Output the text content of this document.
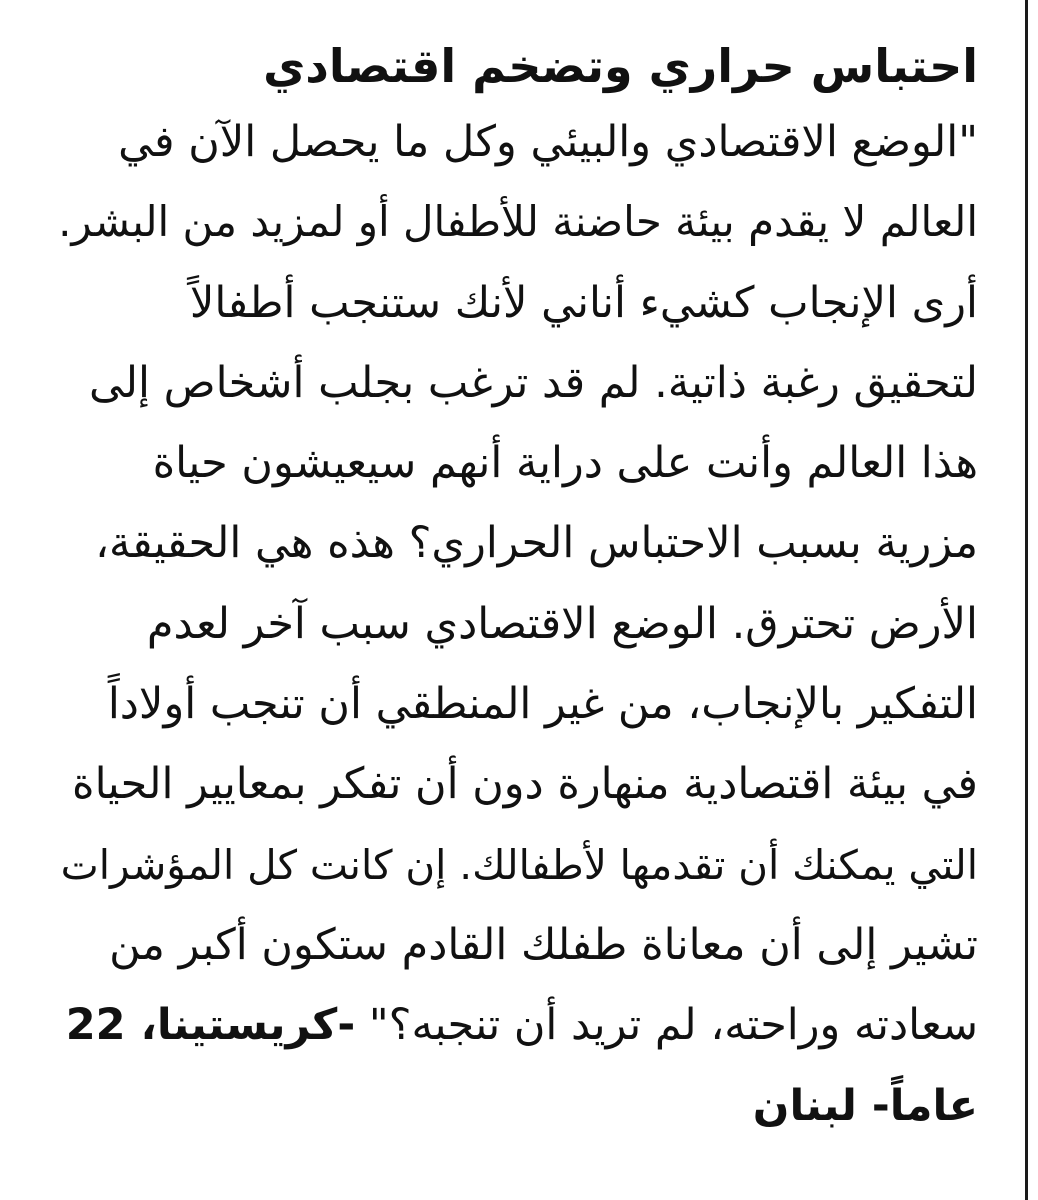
احتباس حراري وتضخم اقتصادي
"الوضع الاقتصادي والبيئي وكل ما يحصل الآن في
العالم لا يقدم بيئة حاضنة للأطفال أو لمزيد من البشر.
أرى الإنجاب كشيء أناني لأنك ستنجب أطفالاً
لتحقيق رغبة ذاتية. لم قد ترغب بجلب أشخاص إلى
هذا العالم وأنت على دراية أنهم سيعيشون حياة
مزرية بسبب الاحتباس الحراري؟ هذه هي الحقيقة،
الأرض تحترق. الوضع الاقتصادي سبب آخر لعدم
التفكير بالإنجاب، من غير المنطقي أن تنجب أولاداً
في بيئة اقتصادية منهارة دون أن تفكر بمعايير الحياة
التي يمكنك أن تقدمها لأطفالك. إن كانت كل المؤشرات
تشير إلى أن معاناة طفلك القادم ستكون أكبر من
سعادته وراحته، لم تريد أن تنجبه؟" -كريستينا، 22
عاماً- لبنان
